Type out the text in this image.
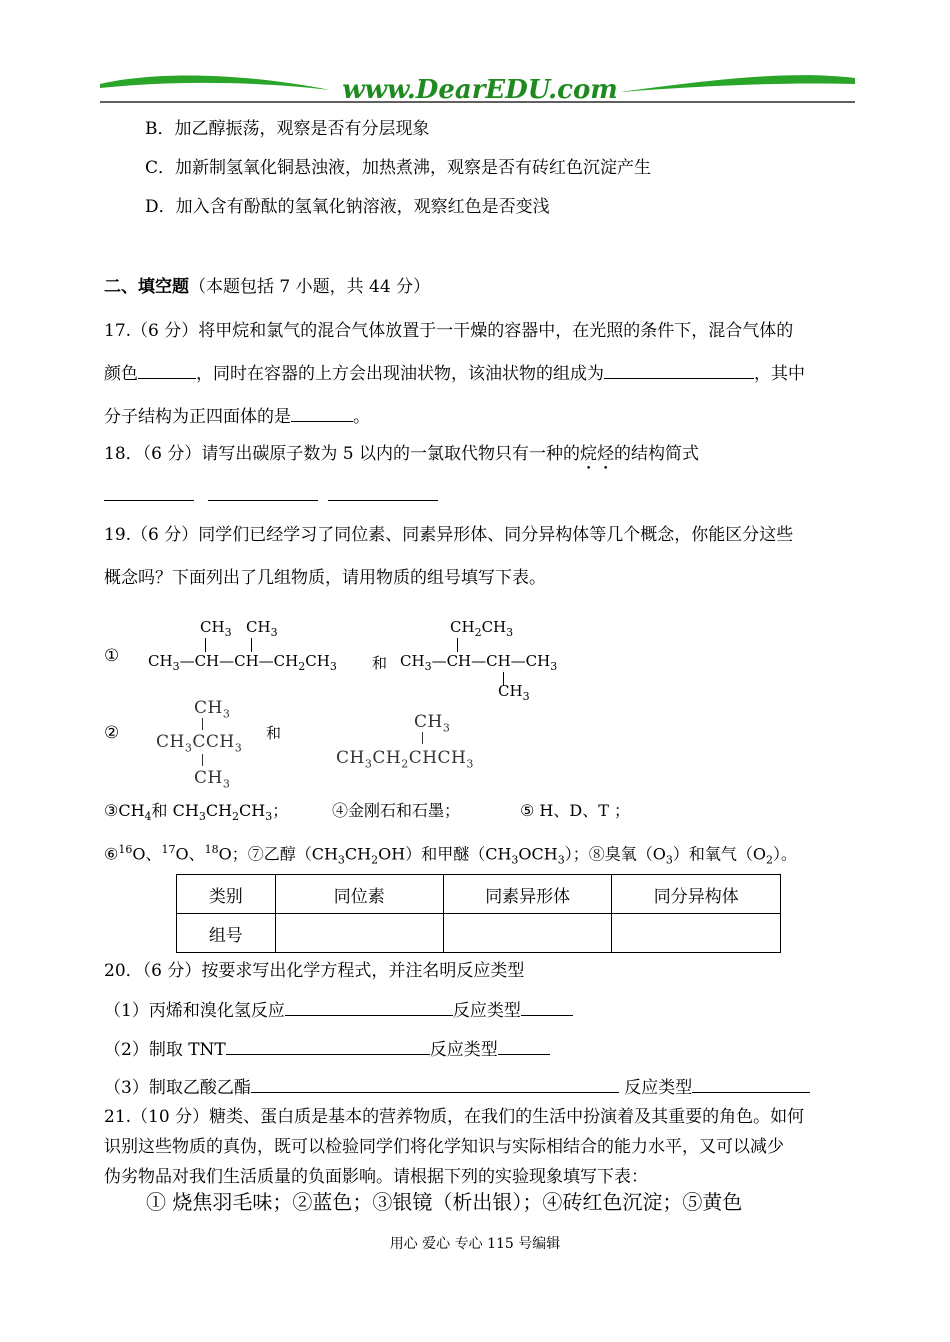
www.DearEDU.com
B．加乙醇振荡，观察是否有分层现象
C．加新制氢氧化铜悬浊液，加热煮沸，观察是否有砖红色沉淀产生
D．加入含有酚酞的氢氧化钠溶液，观察红色是否变浅
二、填空题（本题包括 7 小题，共 44 分）
17.（6 分）将甲烷和氯气的混合气体放置于一干燥的容器中，在光照的条件下，混合气体的
颜色	，同时在容器的上方会出现油状物，该油状物的组成为	，其中
分子结构为正四面体的是	。
18．（6 分）请写出碳原子数为 5 以内的一氯取代物只有一种的烷烃的结构简式
19.（6 分）同学们已经学习了同位素、同素异形体、同分异构体等几个概念，你能区分这些
概念吗？下面列出了几组物质，请用物质的组号填写下表。
①
$CH_3$ $CH_3$
$CH_3—CH—CH—CH_2CH_3$ 和
$CH_2CH_3$
$CH_3—CH—CH—CH_3$
$CH_3$
②
$CH_3$
$CH_3CCH_3$
$CH_3$
和
$CH_3$
$CH_3CH_2CHCH_3$
$③CH_4$和 $CH_3CH_2CH_3$；	④金刚石和石墨；	⑤ H、D、T ；
⑥$^{16}$O、$^{17}$O、$^{18}$O；⑦乙醇$(CH_3CH_2OH)$和甲醚$(CH_3OCH_3)$；⑧臭氧$(O_3)$和氧气$(O_2)$。
类别	同位素	同素异形体	同分异构体
组号			
20．（6 分）按要求写出化学方程式，并注名明反应类型
（1）丙烯和溴化氢反应	反应类型
（2）制取 TNT	反应类型
（3）制取乙酸乙酯	反应类型
21.（10 分）糖类、蛋白质是基本的营养物质，在我们的生活中扮演着及其重要的角色。如何
识别这些物质的真伪，既可以检验同学们将化学知识与实际相结合的能力水平，又可以减少
伪劣物品对我们生活质量的负面影响。请根据下列的实验现象填写下表：
① 烧焦羽毛味；②蓝色；③银镜（析出银）；④砖红色沉淀；⑤黄色
用心 爱心 专心 115 号编辑
